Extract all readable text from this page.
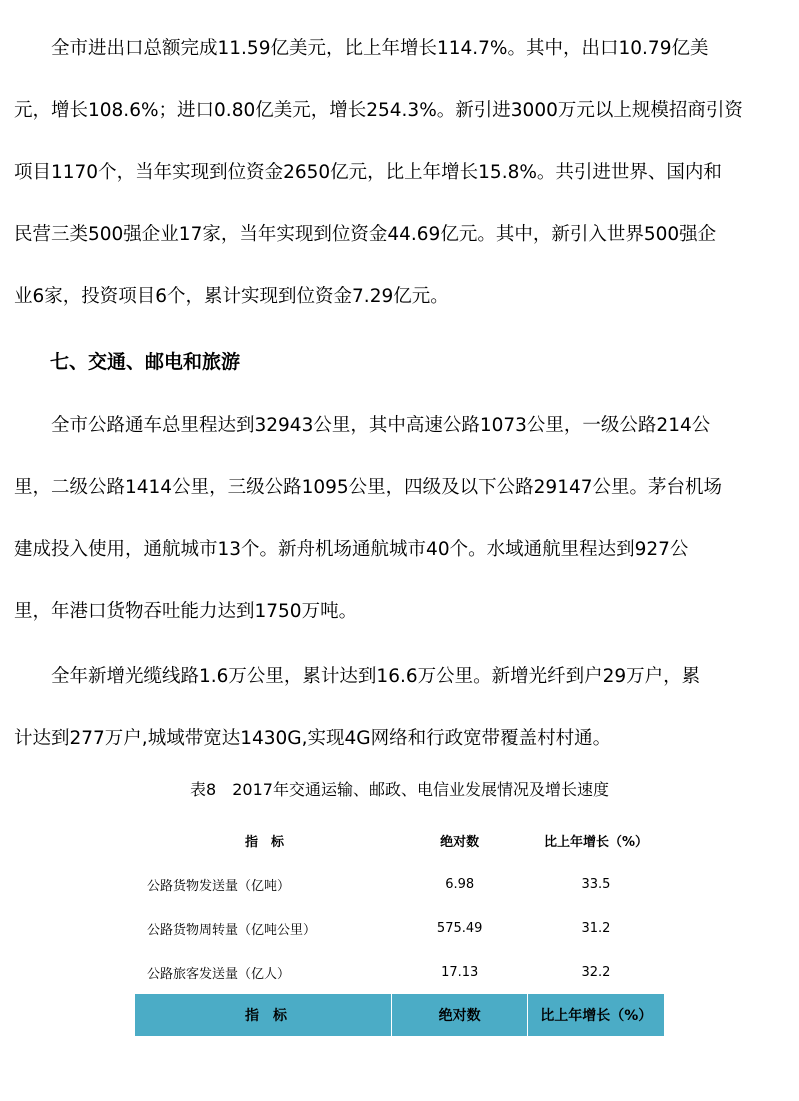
　　全市进出口总额完成11.59亿美元，比上年增长114.7%。其中，出口10.79亿美
元，增长108.6%；进口0.80亿美元，增长254.3%。新引进3000万元以上规模招商引资
项目1170个，当年实现到位资金2650亿元，比上年增长15.8%。共引进世界、国内和
民营三类500强企业17家，当年实现到位资金44.69亿元。其中，新引入世界500强企
业6家，投资项目6个，累计实现到位资金7.29亿元。
七、交通、邮电和旅游
　　全市公路通车总里程达到32943公里，其中高速公路1073公里，一级公路214公
里，二级公路1414公里，三级公路1095公里，四级及以下公路29147公里。茅台机场
建成投入使用，通航城市13个。新舟机场通航城市40个。水域通航里程达到927公
里，年港口货物吞吐能力达到1750万吨。
　　全年新增光缆线路1.6万公里，累计达到16.6万公里。新增光纤到户29万户，累
计达到277万户,城域带宽达1430G,实现4G网络和行政宽带覆盖村村通。

表8　2017年交通运输、邮政、电信业发展情况及增长速度

指　标	绝对数	比上年增长（%）
公路货物发送量（亿吨）	6.98	33.5
公路货物周转量（亿吨公里）	575.49	31.2
公路旅客发送量（亿人）	17.13	32.2
指　标	绝对数	比上年增长（%）
